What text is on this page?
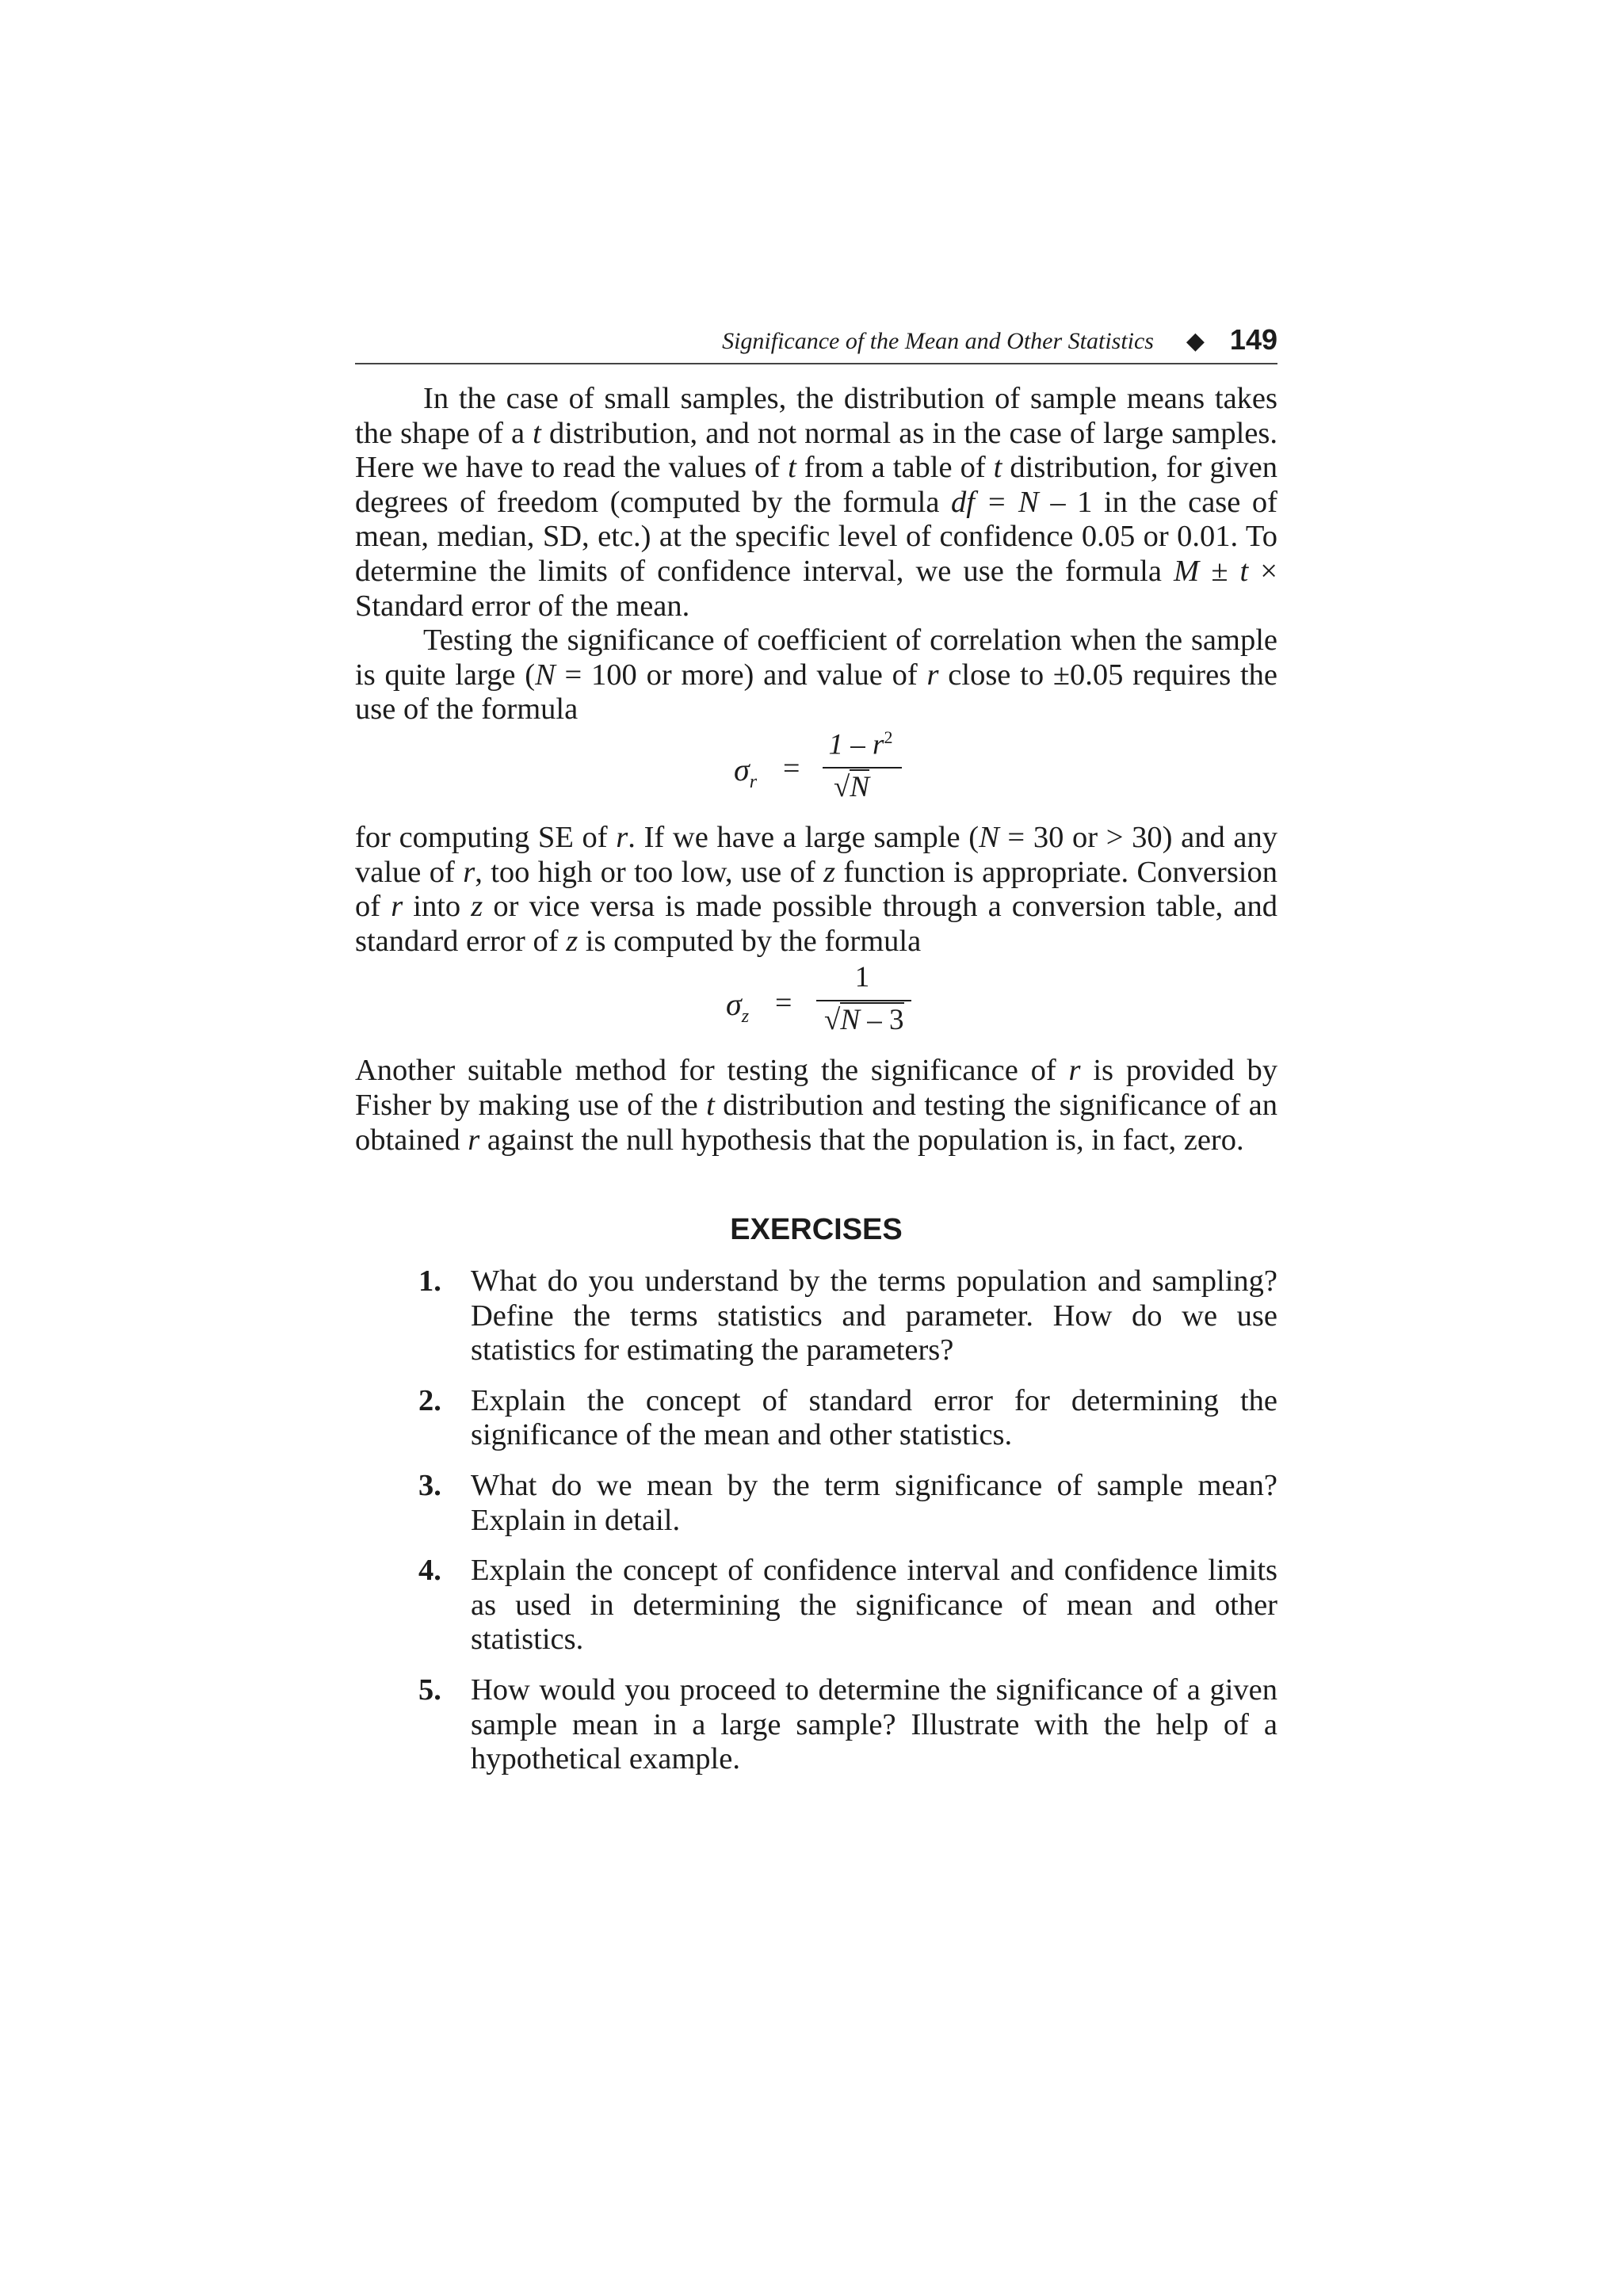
Significance of the Mean and Other Statistics ◆ 149

In the case of small samples, the distribution of sample means takes the shape of a t distribution, and not normal as in the case of large samples. Here we have to read the values of t from a table of t distribution, for given degrees of freedom (computed by the formula df = N – 1 in the case of mean, median, SD, etc.) at the specific level of confidence 0.05 or 0.01. To determine the limits of confidence interval, we use the formula M ± t × Standard error of the mean.

Testing the significance of coefficient of correlation when the sample is quite large (N = 100 or more) and value of r close to ±0.05 requires the use of the formula

$\sigma_r$ =
$1 - r^2$
√N

for computing SE of r. If we have a large sample (N = 30 or > 30) and any value of r, too high or too low, use of z function is appropriate. Conversion of r into z or vice versa is made possible through a conversion table, and standard error of z is computed by the formula

$\sigma_z$ =
1
√N – 3

Another suitable method for testing the significance of r is provided by Fisher by making use of the t distribution and testing the significance of an obtained r against the null hypothesis that the population is, in fact, zero.

EXERCISES
1. What do you understand by the terms population and sampling? Define the terms statistics and parameter. How do we use statistics for estimating the parameters?
2. Explain the concept of standard error for determining the significance of the mean and other statistics.
3. What do we mean by the term significance of sample mean? Explain in detail.
4. Explain the concept of confidence interval and confidence limits as used in determining the significance of mean and other statistics.
5. How would you proceed to determine the significance of a given sample mean in a large sample? Illustrate with the help of a hypothetical example.
